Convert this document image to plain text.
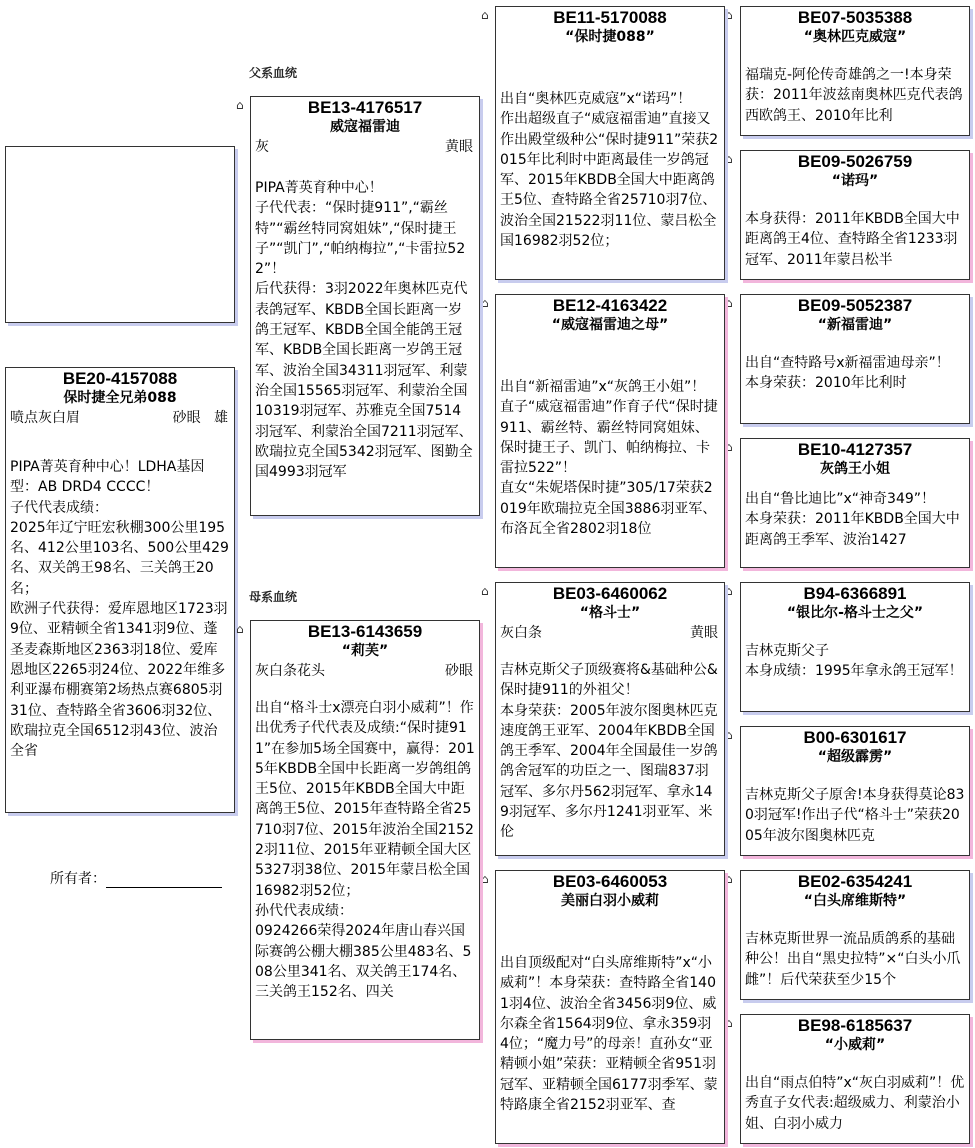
BE20-4157088
保时捷全兄弟088
喷点灰白眉	砂眼 雄
PIPA菁英育种中心！LDHA基因型：AB DRD4 CCCC！
子代代表成绩：
2025年辽宁旺宏秋棚300公里195名、412公里103名、500公里429名、双关鸽王98名、三关鸽王20名；
欧洲子代获得：爱库恩地区1723羽9位、亚精顿全省1341羽9位、蓬圣麦森斯地区2363羽18位、爱库恩地区2265羽24位、2022年维多利亚瀑布棚赛第2场热点赛6805羽31位、查特路全省3606羽32位、欧瑞拉克全国6512羽43位、波治全省
所有者：
父系血统
母系血统
⌂
⌂
⌂
⌂
⌂
⌂
⌂
⌂
⌂
⌂
⌂
⌂
⌂
⌂
BE13-4176517
威寇福雷迪
灰	黄眼
PIPA菁英育种中心！
子代代表：“保时捷911”,“霸丝特”“霸丝特同窝姐妹”,“保时捷王子”“凯门”,“帕纳梅拉”,“卡雷拉522”！
后代获得：3羽2022年奥林匹克代表鸽冠军、KBDB全国长距离一岁鸽王冠军、KBDB全国全能鸽王冠军、KBDB全国长距离一岁鸽王冠军、波治全国34311羽冠军、利蒙治全国15565羽冠军、利蒙治全国10319羽冠军、苏雅克全国7514羽冠军、利蒙治全国7211羽冠军、欧瑞拉克全国5342羽冠军、图勤全国4993羽冠军
BE13-6143659
“莉芙”
灰白条花头	砂眼
出自“格斗士x漂亮白羽小威莉”！作出优秀子代代表及成绩:“保时捷911”在参加5场全国赛中，赢得：2015年KBDB全国中长距离一岁鸽组鸽王5位、2015年KBDB全国大中距离鸽王5位、2015年查特路全省25710羽7位、2015年波治全国21522羽11位、2015年亚精顿全国大区5327羽38位、2015年蒙吕松全国16982羽52位；
孙代代表成绩：
0924266荣得2024年唐山春兴国际赛鸽公棚大棚385公里483名、508公里341名、双关鸽王174名、三关鸽王152名、四关
BE11-5170088
“保时捷088”
出自“奥林匹克威寇”x“诺玛”！
作出超级直子“威寇福雷迪”直接又作出殿堂级种公“保时捷911”荣获2015年比利时中距离最佳一岁鸽冠军、2015年KBDB全国大中距离鸽王5位、查特路全省25710羽7位、波治全国21522羽11位、蒙吕松全国16982羽52位；
BE12-4163422
“威寇福雷迪之母”
出自“新福雷迪”x“灰鸽王小姐”！
直子“威寇福雷迪”作育子代“保时捷911、霸丝特、霸丝特同窝姐妹、保时捷王子、凯门、帕纳梅拉、卡雷拉522”！
直女“朱妮塔保时捷”305/17荣获2019年欧瑞拉克全国3886羽亚军、布洛瓦全省2802羽18位
BE03-6460062
“格斗士”
灰白条	黄眼
吉林克斯父子顶级赛将&基础种公&保时捷911的外祖父！
本身荣获：2005年波尔图奥林匹克速度鸽王亚军、2004年KBDB全国鸽王季军、2004年全国最佳一岁鸽鸽舍冠军的功臣之一、图瑞837羽冠军、多尔丹562羽冠军、拿永149羽冠军、多尔丹1241羽亚军、米伦
BE03-6460053
美丽白羽小威莉
出自顶级配对“白头席维斯特”x“小威莉”！本身荣获：查特路全省1401羽4位、波治全省3456羽9位、威尔森全省1564羽9位、拿永359羽4位；“魔力号”的母亲！直孙女“亚精顿小姐”荣获：亚精顿全省951羽冠军、亚精顿全国6177羽季军、蒙特路康全省2152羽亚军、查
BE07-5035388
“奥林匹克威寇”
福瑞克-阿伦传奇雄鸽之一!本身荣获：2011年波兹南奥林匹克代表鸽西欧鸽王、2010年比利
BE09-5026759
“诺玛”
本身获得：2011年KBDB全国大中距离鸽王4位、查特路全省1233羽冠军、2011年蒙吕松半
BE09-5052387
“新福雷迪”
出自“查特路号x新福雷迪母亲”！
本身荣获：2010年比利时
BE10-4127357
灰鸽王小姐
出自“鲁比迪比”x“神奇349”！
本身荣获：2011年KBDB全国大中距离鸽王季军、波治1427
B94-6366891
“银比尔-格斗士之父”
吉林克斯父子
本身成绩：1995年拿永鸽王冠军！
B00-6301617
“超级霹雳”
吉林克斯父子原舍!本身获得莫论830羽冠军!作出子代“格斗士”荣获2005年波尔图奥林匹克
BE02-6354241
“白头席维斯特”
吉林克斯世界一流品质鸽系的基础种公！出自“黑史拉特”×“白头小爪雌”！后代荣获至少15个
BE98-6185637
“小威莉”
出自“雨点伯特”x“灰白羽威莉”！优秀直子女代表:超级威力、利蒙治小姐、白羽小威力
